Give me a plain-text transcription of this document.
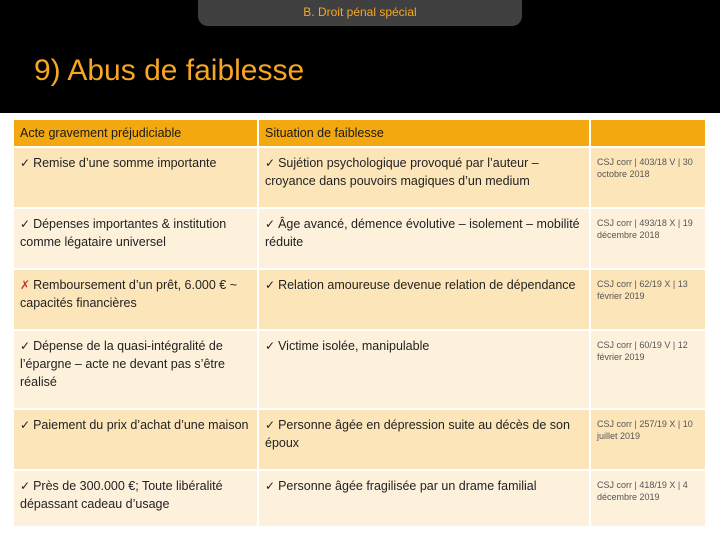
B. Droit pénal spécial
9) Abus de faiblesse
Acte gravement préjudiciable	Situation de faiblesse	
✓ Remise d’une somme importante	✓ Sujétion psychologique provoqué par l’auteur – croyance dans pouvoirs magiques d’un medium	CSJ corr | 403/18 V | 30 octobre 2018
✓ Dépenses importantes & institution comme légataire universel	✓ Âge avancé, démence évolutive – isolement – mobilité réduite	CSJ corr | 493/18 X | 19 décembre 2018
✗ Remboursement d’un prêt, 6.000 € ~ capacités financières	✓ Relation amoureuse devenue relation de dépendance	CSJ corr | 62/19 X | 13 février 2019
✓ Dépense de la quasi-intégralité de l’épargne – acte ne devant pas s’être réalisé	✓ Victime isolée, manipulable	CSJ corr | 60/19 V | 12 février 2019
✓ Paiement du prix d’achat d’une maison	✓ Personne âgée en dépression suite au décès de son époux	CSJ corr | 257/19 X | 10 juillet 2019
✓ Près de 300.000 €; Toute libéralité dépassant cadeau d’usage	✓ Personne âgée fragilisée par un drame familial	CSJ corr | 418/19 X | 4 décembre 2019
